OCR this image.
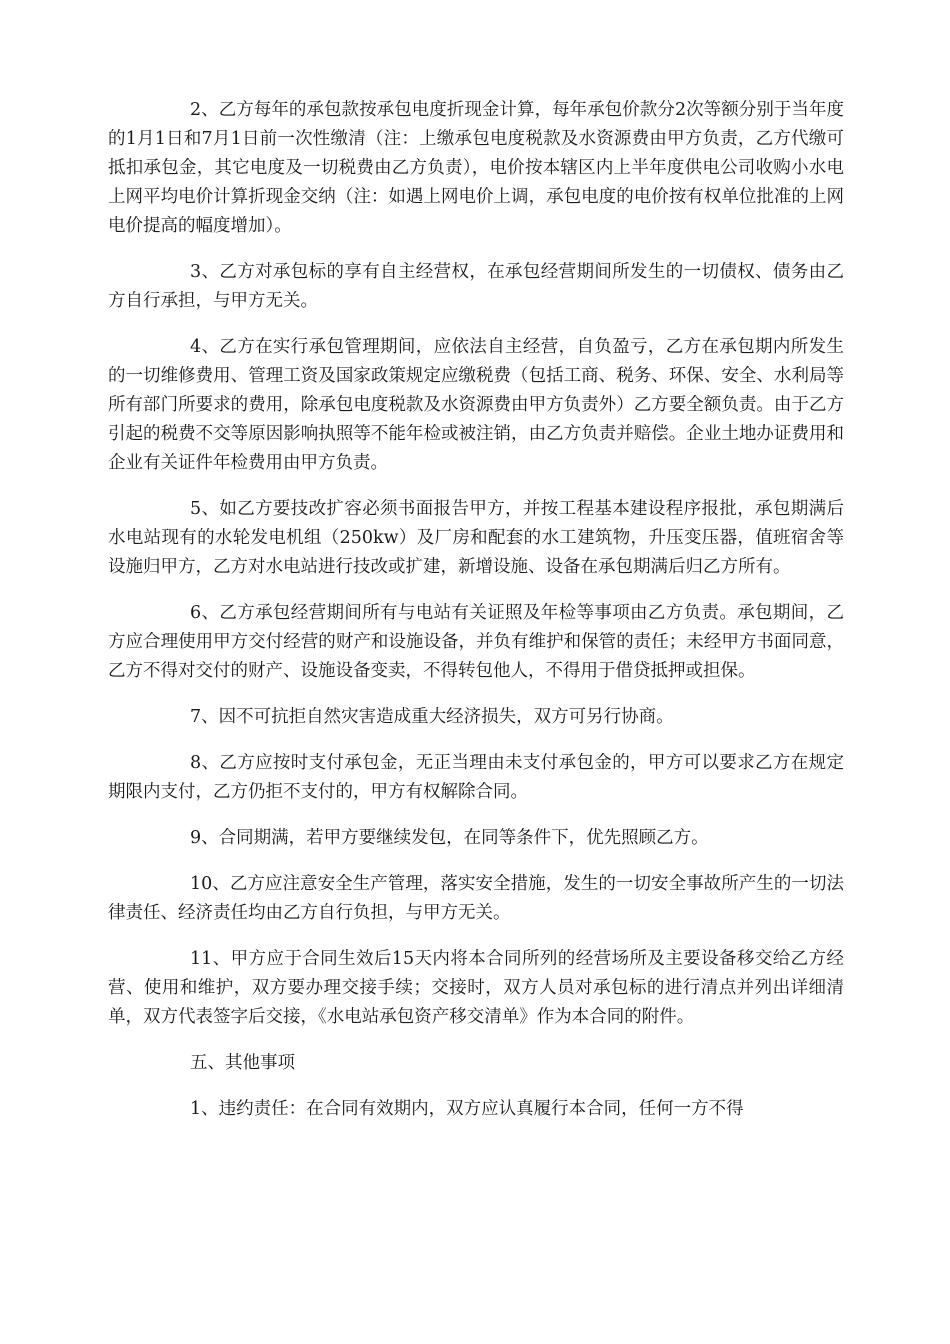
2、乙方每年的承包款按承包电度折现金计算，每年承包价款分2次等额分别于当年度的1月1日和7月1日前一次性缴清（注：上缴承包电度税款及水资源费由甲方负责，乙方代缴可抵扣承包金，其它电度及一切税费由乙方负责），电价按本辖区内上半年度供电公司收购小水电上网平均电价计算折现金交纳（注：如遇上网电价上调，承包电度的电价按有权单位批准的上网电价提高的幅度增加）。

3、乙方对承包标的享有自主经营权，在承包经营期间所发生的一切债权、债务由乙方自行承担，与甲方无关。

4、乙方在实行承包管理期间，应依法自主经营，自负盈亏，乙方在承包期内所发生的一切维修费用、管理工资及国家政策规定应缴税费（包括工商、税务、环保、安全、水利局等所有部门所要求的费用，除承包电度税款及水资源费由甲方负责外）乙方要全额负责。由于乙方引起的税费不交等原因影响执照等不能年检或被注销，由乙方负责并赔偿。企业土地办证费用和企业有关证件年检费用由甲方负责。

5、如乙方要技改扩容必须书面报告甲方，并按工程基本建设程序报批，承包期满后水电站现有的水轮发电机组（250kw）及厂房和配套的水工建筑物，升压变压器，值班宿舍等设施归甲方，乙方对水电站进行技改或扩建，新增设施、设备在承包期满后归乙方所有。

6、乙方承包经营期间所有与电站有关证照及年检等事项由乙方负责。承包期间，乙方应合理使用甲方交付经营的财产和设施设备，并负有维护和保管的责任；未经甲方书面同意，乙方不得对交付的财产、设施设备变卖，不得转包他人，不得用于借贷抵押或担保。

7、因不可抗拒自然灾害造成重大经济损失，双方可另行协商。

8、乙方应按时支付承包金，无正当理由未支付承包金的，甲方可以要求乙方在规定期限内支付，乙方仍拒不支付的，甲方有权解除合同。

9、合同期满，若甲方要继续发包，在同等条件下，优先照顾乙方。

10、乙方应注意安全生产管理，落实安全措施，发生的一切安全事故所产生的一切法律责任、经济责任均由乙方自行负担，与甲方无关。

11、甲方应于合同生效后15天内将本合同所列的经营场所及主要设备移交给乙方经营、使用和维护，双方要办理交接手续；交接时，双方人员对承包标的进行清点并列出详细清单，双方代表签字后交接，《水电站承包资产移交清单》作为本合同的附件。

五、其他事项

1、违约责任：在合同有效期内，双方应认真履行本合同，任何一方不得
